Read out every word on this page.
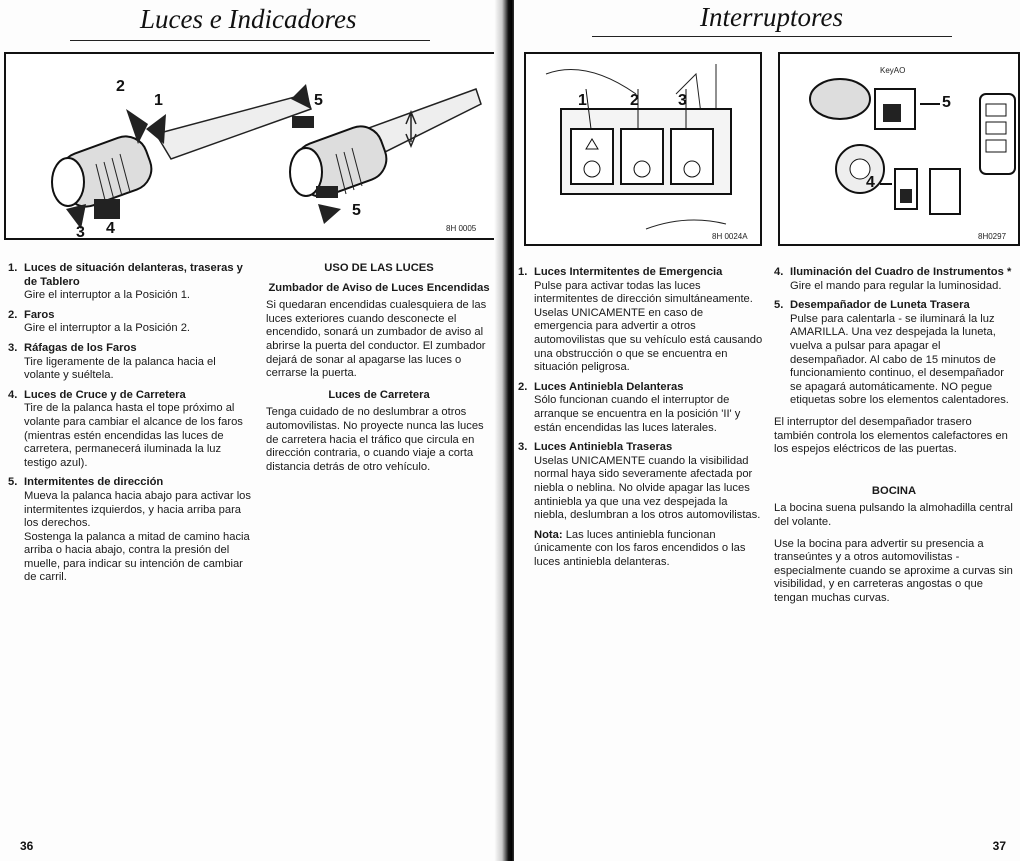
Luces e Indicadores
2
1
3 4
5
5
8H 0005
1. Luces de situación delanteras, traseras y de Tablero
Gire el interruptor a la Posición 1.
2. Faros
Gire el interruptor a la Posición 2.
3. Ráfagas de los Faros
Tire ligeramente de la palanca hacia el volante y suéltela.
4. Luces de Cruce y de Carretera
Tire de la palanca hasta el tope próximo al volante para cambiar el alcance de los faros (mientras estén encendidas las luces de carretera, permanecerá iluminada la luz testigo azul).
5. Intermitentes de dirección
Mueva la palanca hacia abajo para activar los intermitentes izquierdos, y hacia arriba para los derechos.
Sostenga la palanca a mitad de camino hacia arriba o hacia abajo, contra la presión del muelle, para indicar su intención de cambiar de carril.
USO DE LAS LUCES
Zumbador de Aviso de Luces Encendidas
Si quedaran encendidas cualesquiera de las luces exteriores cuando desconecte el encendido, sonará un zumbador de aviso al abrirse la puerta del conductor. El zumbador dejará de sonar al apagarse las luces o cerrarse la puerta.
Luces de Carretera
Tenga cuidado de no deslumbrar a otros automovilistas. No proyecte nunca las luces de carretera hacia el tráfico que circula en dirección contraria, o cuando viaje a corta distancia detrás de otro vehículo.
36
Interruptores
1	2 3
8H 0024A
KeyAO
5
4
8H0297
1. Luces Intermitentes de Emergencia
Pulse para activar todas las luces intermitentes de dirección simultáneamente. Uselas UNICAMENTE en caso de emergencia para advertir a otros automovilistas que su vehículo está causando una obstrucción o que se encuentra en situación peligrosa.
2. Luces Antiniebla Delanteras
Sólo funcionan cuando el interruptor de arranque se encuentra en la posición 'II' y están encendidas las luces laterales.
3. Luces Antiniebla Traseras
Uselas UNICAMENTE cuando la visibilidad normal haya sido severamente afectada por niebla o neblina. No olvide apagar las luces antiniebla ya que una vez despejada la niebla, deslumbran a los otros automovilistas.
Nota: Las luces antiniebla funcionan únicamente con los faros encendidos o las luces antiniebla delanteras.
4. Iluminación del Cuadro de Instrumentos *
Gire el mando para regular la luminosidad.
5. Desempañador de Luneta Trasera
Pulse para calentarla - se iluminará la luz AMARILLA. Una vez despejada la luneta, vuelva a pulsar para apagar el desempañador. Al cabo de 15 minutos de funcionamiento continuo, el desempañador se apagará automáticamente. NO pegue etiquetas sobre los elementos calentadores.
El interruptor del desempañador trasero también controla los elementos calefactores en los espejos eléctricos de las puertas.
BOCINA
La bocina suena pulsando la almohadilla central del volante.
Use la bocina para advertir su presencia a transeúntes y a otros automovilistas - especialmente cuando se aproxime a curvas sin visibilidad, y en carreteras angostas o que tengan muchas curvas.
37
